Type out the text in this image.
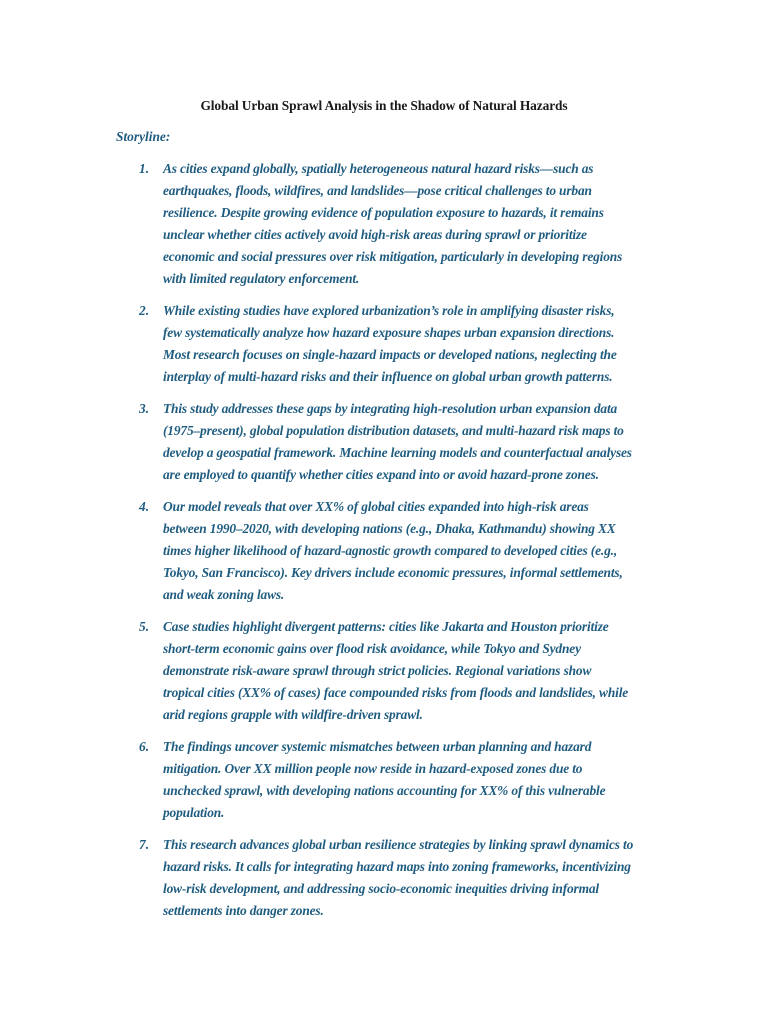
Global Urban Sprawl Analysis in the Shadow of Natural Hazards

Storyline:

1. As cities expand globally, spatially heterogeneous natural hazard risks—such as
earthquakes, floods, wildfires, and landslides—pose critical challenges to urban
resilience. Despite growing evidence of population exposure to hazards, it remains
unclear whether cities actively avoid high-risk areas during sprawl or prioritize
economic and social pressures over risk mitigation, particularly in developing regions
with limited regulatory enforcement.
2. While existing studies have explored urbanization’s role in amplifying disaster risks,
few systematically analyze how hazard exposure shapes urban expansion directions.
Most research focuses on single-hazard impacts or developed nations, neglecting the
interplay of multi-hazard risks and their influence on global urban growth patterns.
3. This study addresses these gaps by integrating high-resolution urban expansion data
(1975–present), global population distribution datasets, and multi-hazard risk maps to
develop a geospatial framework. Machine learning models and counterfactual analyses
are employed to quantify whether cities expand into or avoid hazard-prone zones.
4. Our model reveals that over XX% of global cities expanded into high-risk areas
between 1990–2020, with developing nations (e.g., Dhaka, Kathmandu) showing XX
times higher likelihood of hazard-agnostic growth compared to developed cities (e.g.,
Tokyo, San Francisco). Key drivers include economic pressures, informal settlements,
and weak zoning laws.
5. Case studies highlight divergent patterns: cities like Jakarta and Houston prioritize
short-term economic gains over flood risk avoidance, while Tokyo and Sydney
demonstrate risk-aware sprawl through strict policies. Regional variations show
tropical cities (XX% of cases) face compounded risks from floods and landslides, while
arid regions grapple with wildfire-driven sprawl.
6. The findings uncover systemic mismatches between urban planning and hazard
mitigation. Over XX million people now reside in hazard-exposed zones due to
unchecked sprawl, with developing nations accounting for XX% of this vulnerable
population.
7. This research advances global urban resilience strategies by linking sprawl dynamics to
hazard risks. It calls for integrating hazard maps into zoning frameworks, incentivizing
low-risk development, and addressing socio-economic inequities driving informal
settlements into danger zones.
